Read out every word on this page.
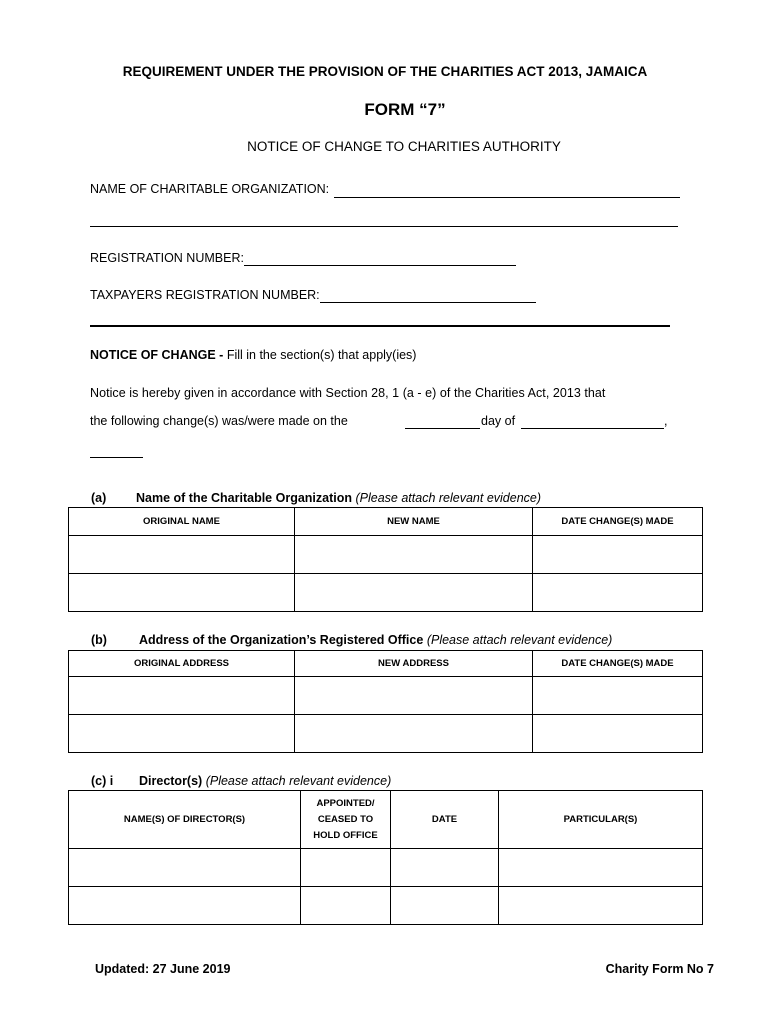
REQUIREMENT UNDER THE PROVISION OF THE CHARITIES ACT 2013, JAMAICA
FORM “7”
NOTICE OF CHANGE TO CHARITIES AUTHORITY
NAME OF CHARITABLE ORGANIZATION:
REGISTRATION NUMBER:
TAXPAYERS REGISTRATION NUMBER:
NOTICE OF CHANGE - Fill in the section(s) that apply(ies)
Notice is hereby given in accordance with Section 28, 1 (a - e) of the Charities Act, 2013 that
the following change(s) was/were made on the	day of	,
(a) Name of the Charitable Organization (Please attach relevant evidence)
ORIGINAL NAME	NEW NAME	DATE CHANGE(S) MADE

(b)	Address of the Organization’s Registered Office (Please attach relevant evidence)
ORIGINAL ADDRESS	NEW ADDRESS	DATE CHANGE(S) MADE

(c) i Director(s) (Please attach relevant evidence)
NAME(S) OF DIRECTOR(S)	APPOINTED/ CEASED TO HOLD OFFICE	DATE	PARTICULAR(S)

Updated: 27 June 2019	Charity Form No 7
